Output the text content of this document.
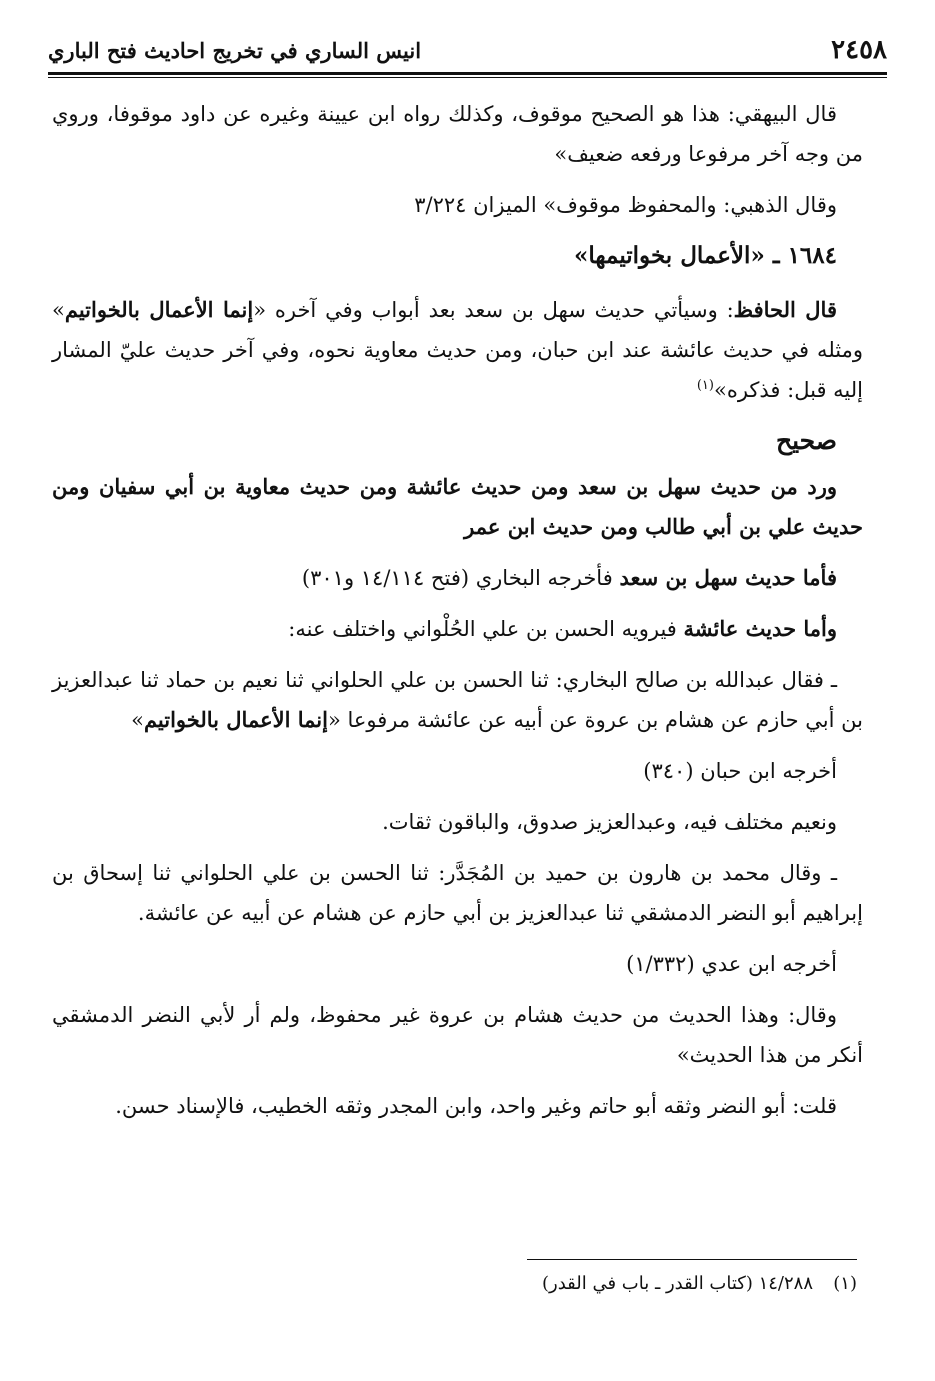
٢٤٥٨
انيس الساري في تخريج احاديث فتح الباري

قال البيهقي: هذا هو الصحيح موقوف، وكذلك رواه ابن عيينة وغيره عن داود موقوفا، وروي من وجه آخر مرفوعا ورفعه ضعيف»

وقال الذهبي: والمحفوظ موقوف» الميزان ٣/٢٢٤

١٦٨٤ ـ «الأعمال بخواتيمها»

قال الحافظ: وسيأتي حديث سهل بن سعد بعد أبواب وفي آخره «إنما الأعمال بالخواتيم» ومثله في حديث عائشة عند ابن حبان، ومن حديث معاوية نحوه، وفي آخر حديث عليّ المشار إليه قبل: فذكره»$^{(١)}$

صحيح

ورد من حديث سهل بن سعد ومن حديث عائشة ومن حديث معاوية بن أبي سفيان ومن حديث علي بن أبي طالب ومن حديث ابن عمر

فأما حديث سهل بن سعد فأخرجه البخاري (فتح ١٤/١١٤ و٣٠١)

وأما حديث عائشة فيرويه الحسن بن علي الحُلْواني واختلف عنه:

ـ فقال عبدالله بن صالح البخاري: ثنا الحسن بن علي الحلواني ثنا نعيم بن حماد ثنا عبدالعزيز بن أبي حازم عن هشام بن عروة عن أبيه عن عائشة مرفوعا «إنما الأعمال بالخواتيم»

أخرجه ابن حبان (٣٤٠)

ونعيم مختلف فيه، وعبدالعزيز صدوق، والباقون ثقات.

ـ وقال محمد بن هارون بن حميد بن المُجَدَّر: ثنا الحسن بن علي الحلواني ثنا إسحاق بن إبراهيم أبو النضر الدمشقي ثنا عبدالعزيز بن أبي حازم عن هشام عن أبيه عن عائشة.

أخرجه ابن عدي (١/٣٣٢)

وقال: وهذا الحديث من حديث هشام بن عروة غير محفوظ، ولم أر لأبي النضر الدمشقي أنكر من هذا الحديث»

قلت: أبو النضر وثقه أبو حاتم وغير واحد، وابن المجدر وثقه الخطيب، فالإسناد حسن.

(١)١٤/٢٨٨ (كتاب القدر ـ باب في القدر)
